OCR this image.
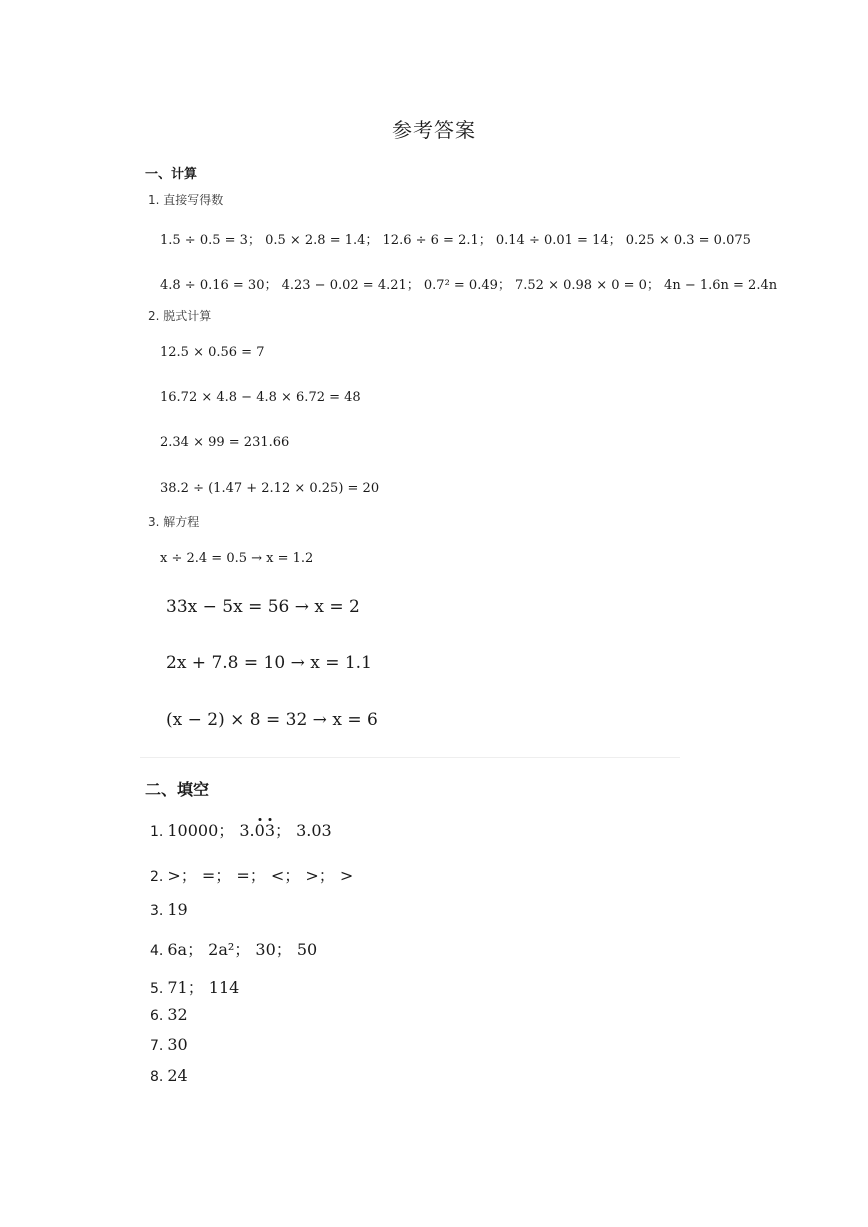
参考答案
一、计算
1. 直接写得数
1.5 ÷ 0.5 = 3； 0.5 × 2.8 = 1.4； 12.6 ÷ 6 = 2.1； 0.14 ÷ 0.01 = 14； 0.25 × 0.3 = 0.075
4.8 ÷ 0.16 = 30； 4.23 − 0.02 = 4.21； 0.7² = 0.49； 7.52 × 0.98 × 0 = 0； 4n − 1.6n = 2.4n
2. 脱式计算
12.5 × 0.56 = 7
16.72 × 4.8 − 4.8 × 6.72 = 48
2.34 × 99 = 231.66
38.2 ÷ (1.47 + 2.12 × 0.25) = 20
3. 解方程
x ÷ 2.4 = 0.5 → x = 1.2
33x − 5x = 56 → x = 2
2x + 7.8 = 10 → x = 1.1
(x − 2) × 8 = 32 → x = 6
二、填空
1. 10000； 3.03； 3.03
2. >； =； =； <； >； >
3. 19
4. 6a； 2a²； 30； 50
5. 71； 114
6. 32
7. 30
8. 24
